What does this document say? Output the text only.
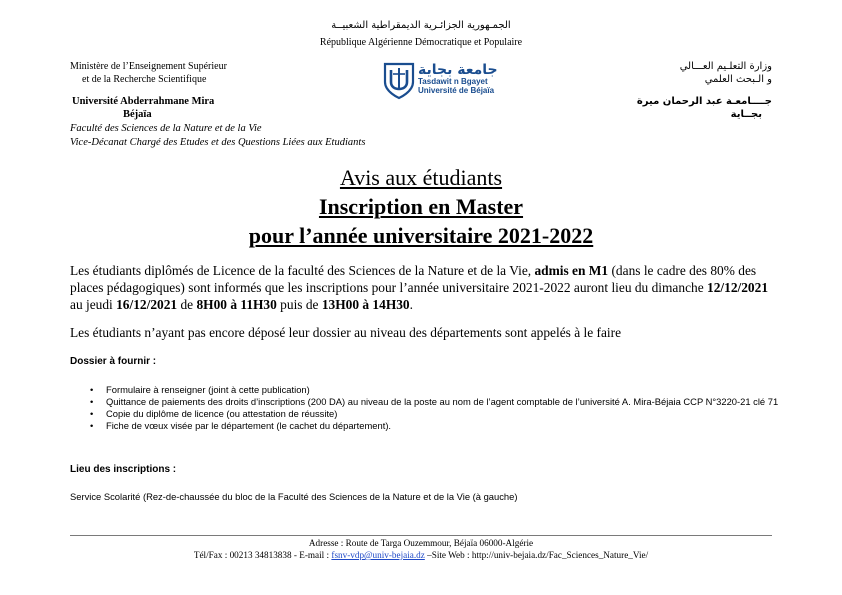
الجمـهورية الجزائـرية الديمقراطية الشعبيــة
République Algérienne Démocratique et Populaire
Ministère de l’Enseignement Supérieur
et de la Recherche Scientifique
Université Abderrahmane Mira
Béjaïa
Faculté des Sciences de la Nature et de la Vie
Vice-Décanat Chargé des Etudes et des Questions Liées aux Etudiants
وزارة التعلـيم العـــالي
و الـبحث العلمي
جــــامعـة عبد الرحمان ميرة
بجــاية
جامعة بجاية
Tasdawit n Bgayet
Université de Béjaïa
Avis aux étudiants
Inscription en Master
pour l’année universitaire 2021-2022
Les étudiants diplômés de Licence de la faculté des Sciences de la Nature et de la Vie, admis en M1 (dans le cadre des 80% des places pédagogiques) sont informés que les inscriptions pour l’année universitaire 2021-2022 auront lieu du dimanche 12/12/2021 au jeudi 16/12/2021 de 8H00 à 11H30 puis de 13H00 à 14H30.
Les étudiants n’ayant pas encore déposé leur dossier au niveau des départements sont appelés à le faire
Dossier à fournir :
• Formulaire à renseigner (joint à cette publication)
• Quittance de paiements des droits d’inscriptions (200 DA) au niveau de la poste au nom de l’agent comptable de l’université A. Mira-Béjaia CCP N°3220-21 clé 71
• Copie du diplôme de licence (ou attestation de réussite)
• Fiche de vœux visée par le département (le cachet du département).
Lieu des inscriptions :
Service Scolarité (Rez-de-chaussée du bloc de la Faculté des Sciences de la Nature et de la Vie (à gauche)
Adresse : Route de Targa Ouzemmour, Béjaïa 06000-Algérie
Tél/Fax : 00213 34813838 - E-mail : fsnv-vdp@univ-bejaia.dz –Site Web : http://univ-bejaia.dz/Fac_Sciences_Nature_Vie/
